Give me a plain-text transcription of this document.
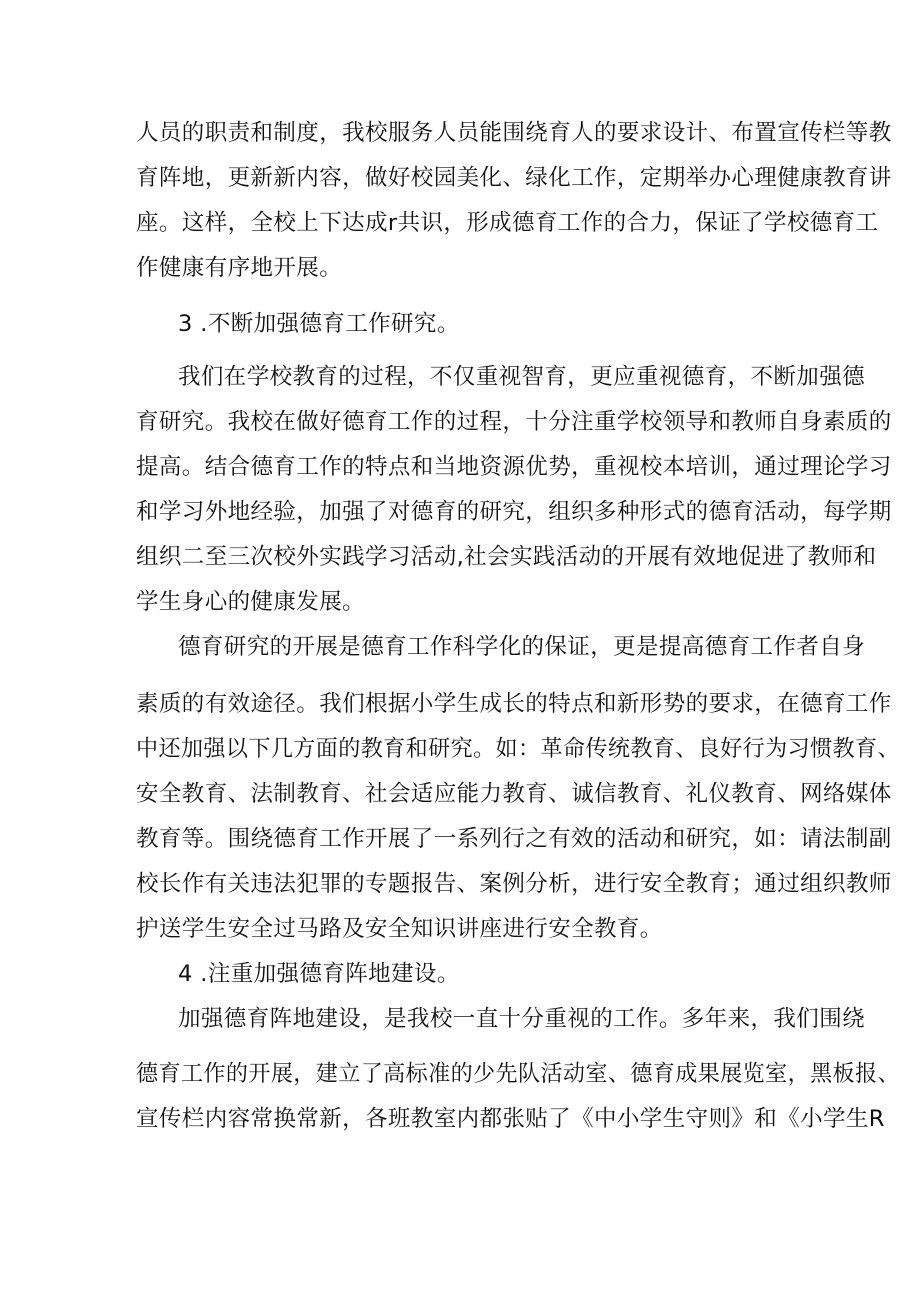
人员的职责和制度，我校服务人员能围绕育人的要求设计、布置宣传栏等教
育阵地，更新新内容，做好校园美化、绿化工作，定期举办心理健康教育讲
座。这样，全校上下达成r共识，形成德育工作的合力，保证了学校德育工
作健康有序地开展。
3 .不断加强德育工作研究。
我们在学校教育的过程，不仅重视智育，更应重视德育，不断加强德
育研究。我校在做好德育工作的过程，十分注重学校领导和教师自身素质的
提高。结合德育工作的特点和当地资源优势，重视校本培训，通过理论学习
和学习外地经验，加强了对德育的研究，组织多种形式的德育活动，每学期
组织二至三次校外实践学习活动,社会实践活动的开展有效地促进了教师和
学生身心的健康发展。
德育研究的开展是德育工作科学化的保证，更是提高德育工作者自身
素质的有效途径。我们根据小学生成长的特点和新形势的要求，在德育工作
中还加强以下几方面的教育和研究。如：革命传统教育、良好行为习惯教育、
安全教育、法制教育、社会适应能力教育、诚信教育、礼仪教育、网络媒体
教育等。围绕德育工作开展了一系列行之有效的活动和研究，如：请法制副
校长作有关违法犯罪的专题报告、案例分析，进行安全教育；通过组织教师
护送学生安全过马路及安全知识讲座进行安全教育。
4 .注重加强德育阵地建设。
加强德育阵地建设，是我校一直十分重视的工作。多年来，我们围绕
德育工作的开展，建立了高标准的少先队活动室、德育成果展览室，黑板报、
宣传栏内容常换常新，各班教室内都张贴了《中小学生守则》和《小学生R
